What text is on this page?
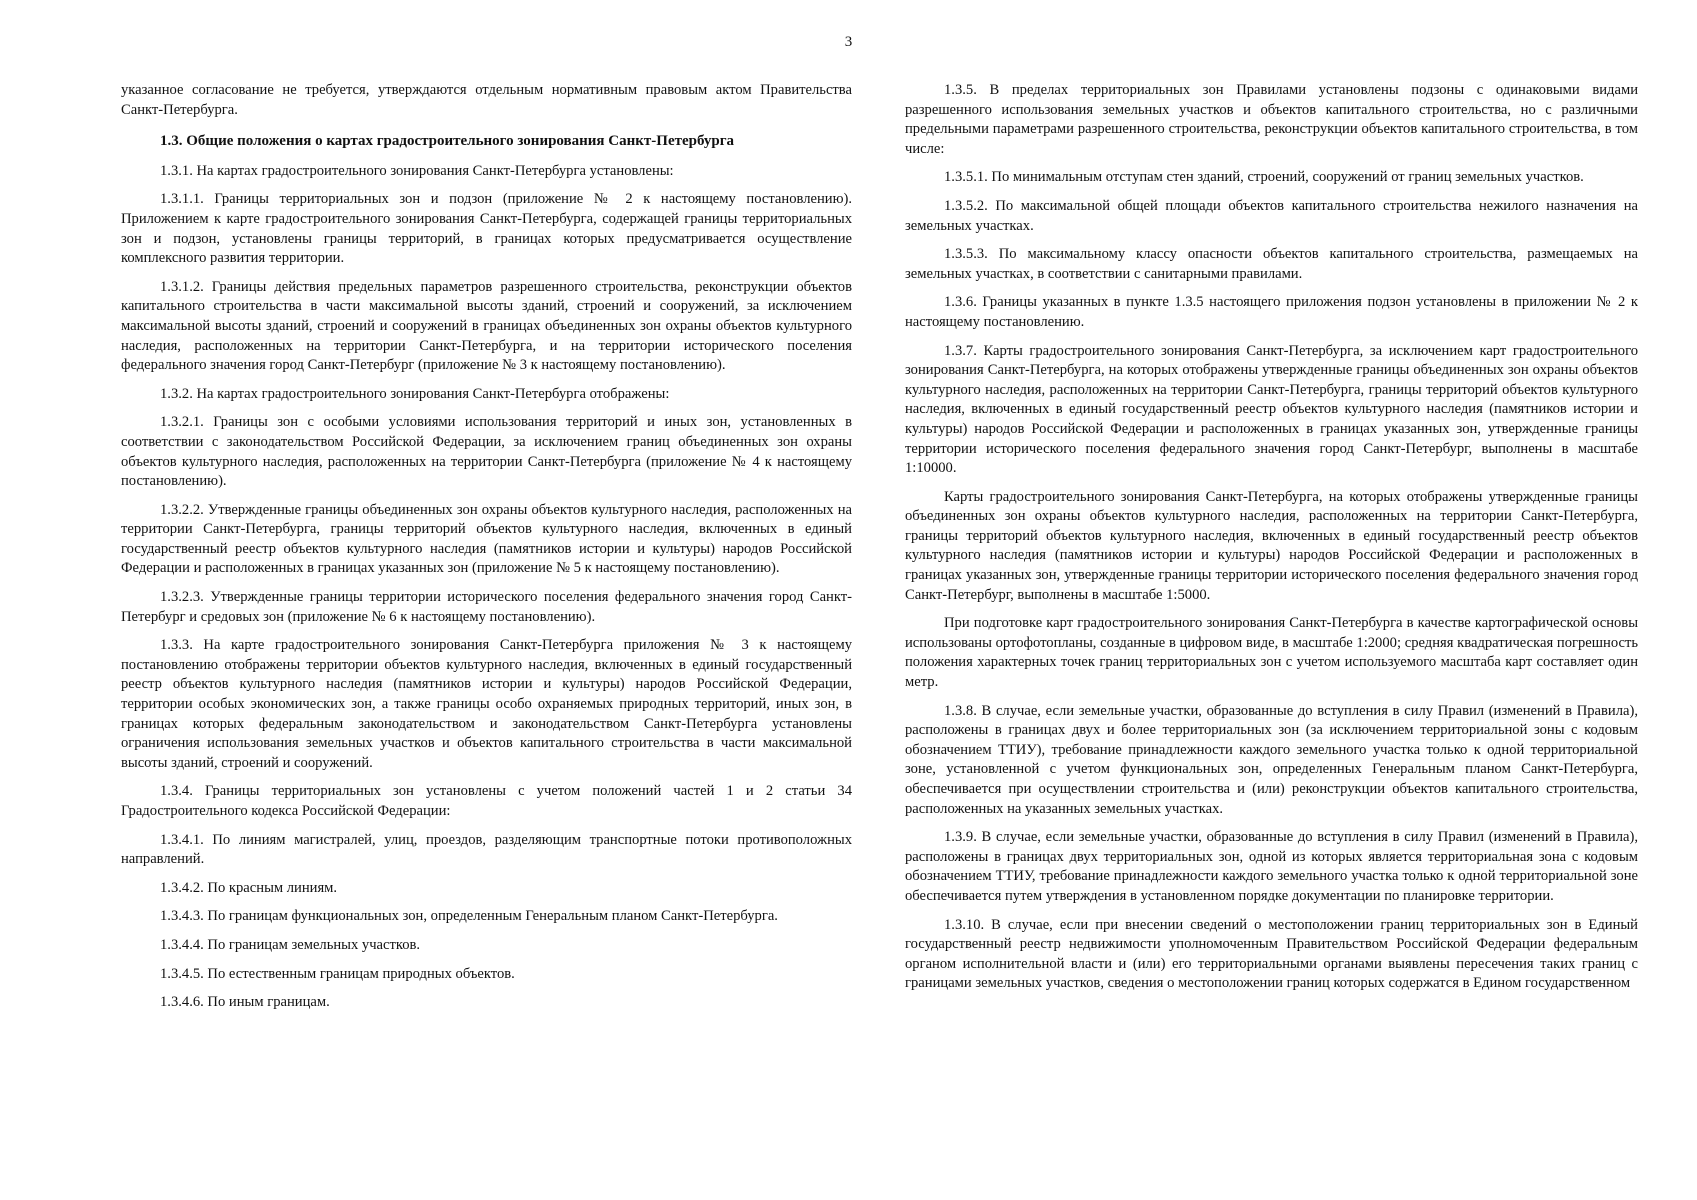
3

указанное согласование не требуется, утверждаются отдельным нормативным правовым актом Правительства Санкт-Петербурга.

1.3. Общие положения о картах градостроительного зонирования Санкт-Петербурга

1.3.1. На картах градостроительного зонирования Санкт-Петербурга установлены:

1.3.1.1. Границы территориальных зон и подзон (приложение № 2 к настоящему постановлению). Приложением к карте градостроительного зонирования Санкт-Петербурга, содержащей границы территориальных зон и подзон, установлены границы территорий, в границах которых предусматривается осуществление комплексного развития территории.

1.3.1.2. Границы действия предельных параметров разрешенного строительства, реконструкции объектов капитального строительства в части максимальной высоты зданий, строений и сооружений, за исключением максимальной высоты зданий, строений и сооружений в границах объединенных зон охраны объектов культурного наследия, расположенных на территории Санкт-Петербурга, и на территории исторического поселения федерального значения город Санкт-Петербург (приложение № 3 к настоящему постановлению).

1.3.2. На картах градостроительного зонирования Санкт-Петербурга отображены:

1.3.2.1. Границы зон с особыми условиями использования территорий и иных зон, установленных в соответствии с законодательством Российской Федерации, за исключением границ объединенных зон охраны объектов культурного наследия, расположенных на территории Санкт-Петербурга (приложение № 4 к настоящему постановлению).

1.3.2.2. Утвержденные границы объединенных зон охраны объектов культурного наследия, расположенных на территории Санкт-Петербурга, границы территорий объектов культурного наследия, включенных в единый государственный реестр объектов культурного наследия (памятников истории и культуры) народов Российской Федерации и расположенных в границах указанных зон (приложение № 5 к настоящему постановлению).

1.3.2.3. Утвержденные границы территории исторического поселения федерального значения город Санкт-Петербург и средовых зон (приложение № 6 к настоящему постановлению).

1.3.3. На карте градостроительного зонирования Санкт-Петербурга приложения № 3 к настоящему постановлению отображены территории объектов культурного наследия, включенных в единый государственный реестр объектов культурного наследия (памятников истории и культуры) народов Российской Федерации, территории особых экономических зон, а также границы особо охраняемых природных территорий, иных зон, в границах которых федеральным законодательством и законодательством Санкт-Петербурга установлены ограничения использования земельных участков и объектов капитального строительства в части максимальной высоты зданий, строений и сооружений.

1.3.4. Границы территориальных зон установлены с учетом положений частей 1 и 2 статьи 34 Градостроительного кодекса Российской Федерации:

1.3.4.1. По линиям магистралей, улиц, проездов, разделяющим транспортные потоки противоположных направлений.

1.3.4.2. По красным линиям.

1.3.4.3. По границам функциональных зон, определенным Генеральным планом Санкт-Петербурга.

1.3.4.4. По границам земельных участков.

1.3.4.5. По естественным границам природных объектов.

1.3.4.6. По иным границам.

1.3.5. В пределах территориальных зон Правилами установлены подзоны с одинаковыми видами разрешенного использования земельных участков и объектов капитального строительства, но с различными предельными параметрами разрешенного строительства, реконструкции объектов капитального строительства, в том числе:

1.3.5.1. По минимальным отступам стен зданий, строений, сооружений от границ земельных участков.

1.3.5.2. По максимальной общей площади объектов капитального строительства нежилого назначения на земельных участках.

1.3.5.3. По максимальному классу опасности объектов капитального строительства, размещаемых на земельных участках, в соответствии с санитарными правилами.

1.3.6. Границы указанных в пункте 1.3.5 настоящего приложения подзон установлены в приложении № 2 к настоящему постановлению.

1.3.7. Карты градостроительного зонирования Санкт-Петербурга, за исключением карт градостроительного зонирования Санкт-Петербурга, на которых отображены утвержденные границы объединенных зон охраны объектов культурного наследия, расположенных на территории Санкт-Петербурга, границы территорий объектов культурного наследия, включенных в единый государственный реестр объектов культурного наследия (памятников истории и культуры) народов Российской Федерации и расположенных в границах указанных зон, утвержденные границы территории исторического поселения федерального значения город Санкт-Петербург, выполнены в масштабе 1:10000.

Карты градостроительного зонирования Санкт-Петербурга, на которых отображены утвержденные границы объединенных зон охраны объектов культурного наследия, расположенных на территории Санкт-Петербурга, границы территорий объектов культурного наследия, включенных в единый государственный реестр объектов культурного наследия (памятников истории и культуры) народов Российской Федерации и расположенных в границах указанных зон, утвержденные границы территории исторического поселения федерального значения город Санкт-Петербург, выполнены в масштабе 1:5000.

При подготовке карт градостроительного зонирования Санкт-Петербурга в качестве картографической основы использованы ортофотопланы, созданные в цифровом виде, в масштабе 1:2000; средняя квадратическая погрешность положения характерных точек границ территориальных зон с учетом используемого масштаба карт составляет один метр.

1.3.8. В случае, если земельные участки, образованные до вступления в силу Правил (изменений в Правила), расположены в границах двух и более территориальных зон (за исключением территориальной зоны с кодовым обозначением ТТИУ), требование принадлежности каждого земельного участка только к одной территориальной зоне, установленной с учетом функциональных зон, определенных Генеральным планом Санкт-Петербурга, обеспечивается при осуществлении строительства и (или) реконструкции объектов капитального строительства, расположенных на указанных земельных участках.

1.3.9. В случае, если земельные участки, образованные до вступления в силу Правил (изменений в Правила), расположены в границах двух территориальных зон, одной из которых является территориальная зона с кодовым обозначением ТТИУ, требование принадлежности каждого земельного участка только к одной территориальной зоне обеспечивается путем утверждения в установленном порядке документации по планировке территории.

1.3.10. В случае, если при внесении сведений о местоположении границ территориальных зон в Единый государственный реестр недвижимости уполномоченным Правительством Российской Федерации федеральным органом исполнительной власти и (или) его территориальными органами выявлены пересечения таких границ с границами земельных участков, сведения о местоположении границ которых содержатся в Едином государственном
